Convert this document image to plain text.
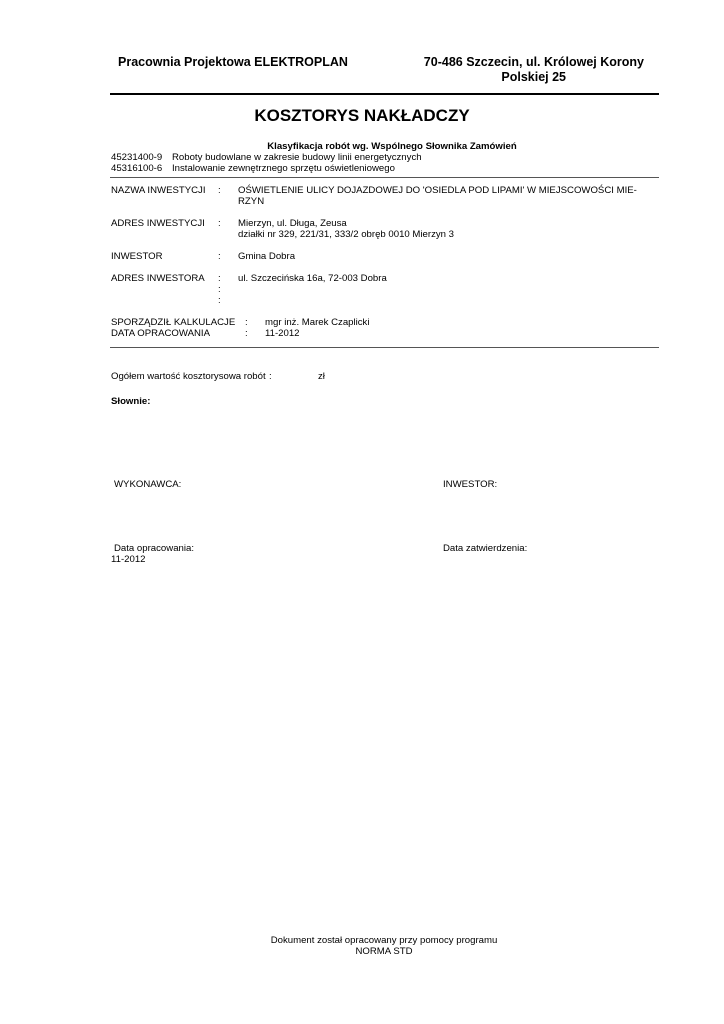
Pracownia Projektowa ELEKTROPLAN	70-486 Szczecin, ul. Królowej Korony
Polskiej 25
KOSZTORYS NAKŁADCZY
Klasyfikacja robót wg. Wspólnego Słownika Zamówień
45231400-9 Roboty budowlane w zakresie budowy linii energetycznych
45316100-6 Instalowanie zewnętrznego sprzętu oświetleniowego
NAZWA INWESTYCJI : OŚWIETLENIE ULICY DOJAZDOWEJ DO 'OSIEDLA POD LIPAMI' W MIEJSCOWOŚCI MIE-
RZYN
ADRES INWESTYCJI : Mierzyn, ul. Długa, Zeusa
działki nr 329, 221/31, 333/2 obręb 0010 Mierzyn 3
INWESTOR	: Gmina Dobra
ADRES INWESTORA : ul. Szczecińska 16a, 72-003 Dobra
:
:
SPORZĄDZIŁ KALKULACJE : mgr inż. Marek Czaplicki
DATA OPRACOWANIA	: 11-2012
Ogółem wartość kosztorysowa robót :	zł
Słownie:
WYKONAWCA:	INWESTOR:
Data opracowania:
11-2012
Data zatwierdzenia:
Dokument został opracowany przy pomocy programu
NORMA STD
